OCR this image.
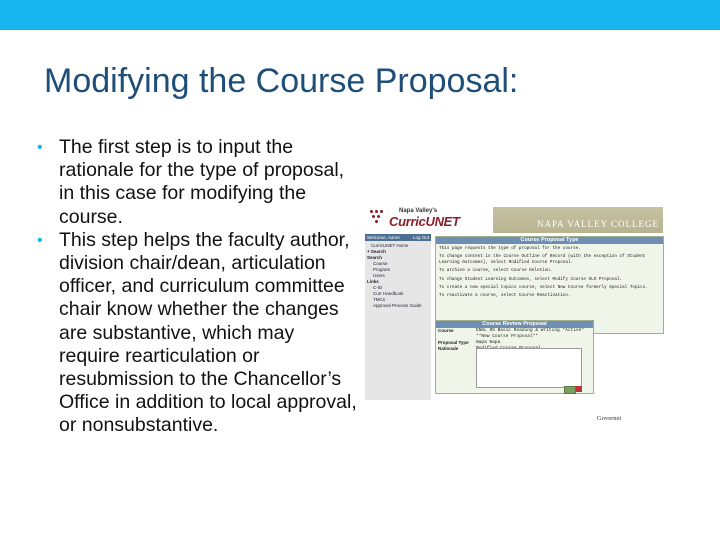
Modifying the Course Proposal:

• The first step is to input the rationale for the type of proposal, in this case for modifying the course.

• This step helps the faculty author, division chair/dean, articulation officer, and curriculum committee chair know whether the changes are substantive, which may require rearticulation or resubmission to the Chancellor’s Office in addition to local approval, or nonsubstantive.

Napa Valley's
CurricUNET	NAPA VALLEY COLLEGE
Welcome, Aaron	Log Out
CurricUNET Home
+ Search
Search
Course
Program
Users
Links
C-ID
Curr Handbook
TMCs
Approval Process Guide
Course Proposal Type

This page requests the type of proposal for the course.

To change content in the Course Outline of Record (with the exception of Student Learning Outcomes), select Modified Course Proposal.

To archive a course, select Course Deletion.

To change Student Learning Outcomes, select Modify Course SLO Proposal.

To create a new special topics course, select New Course formerly Special Topics.

To reactivate a course, select Course Reactivation.

Course Review Proposal
Course	ENGL 95 Basic Reading & Writing *Active*
**New Course Proposal**
Proposal Type Napa Napa
Rationale
Governet
